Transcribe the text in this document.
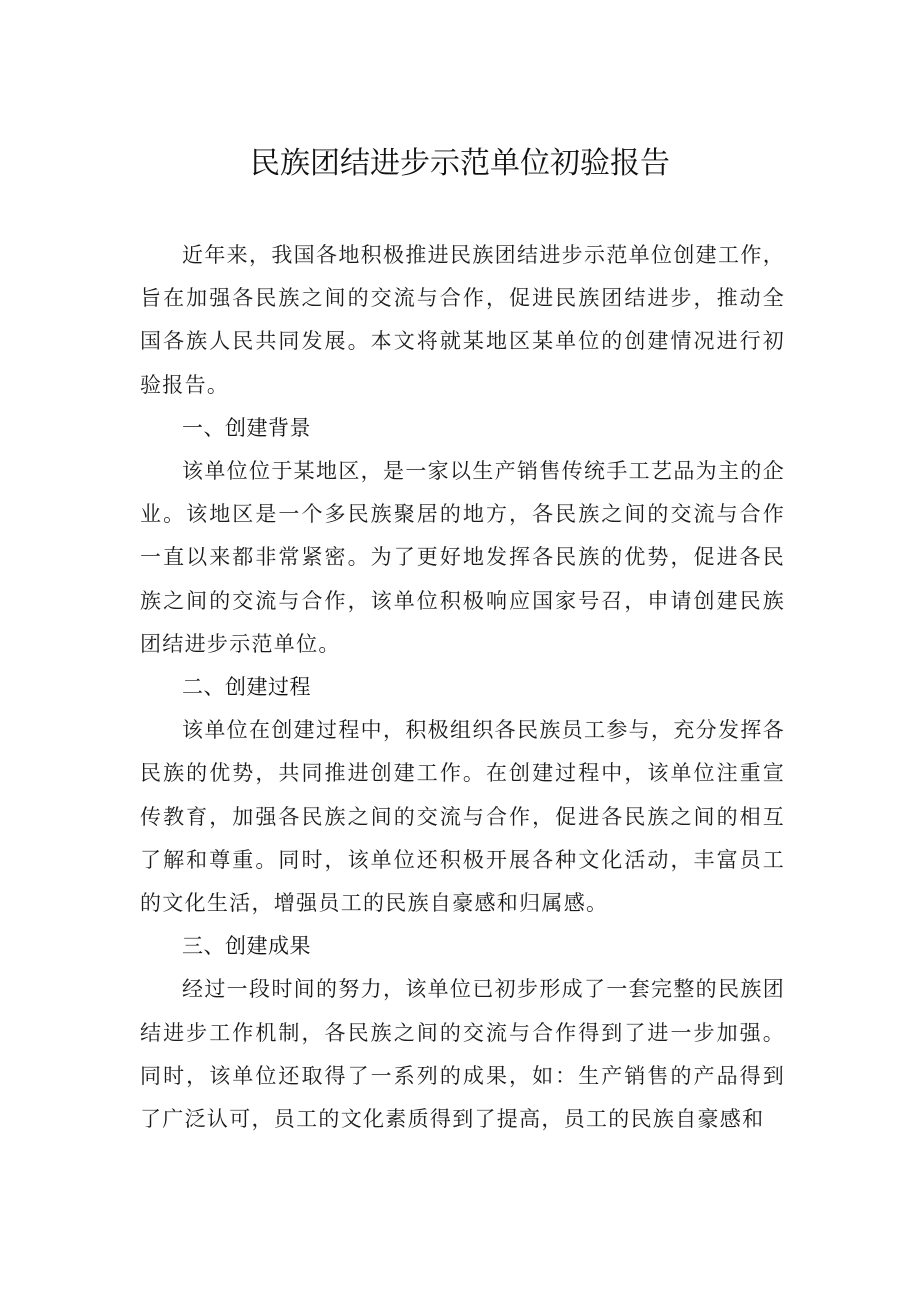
民族团结进步示范单位初验报告

近年来，我国各地积极推进民族团结进步示范单位创建工作，旨在加强各民族之间的交流与合作，促进民族团结进步，推动全国各族人民共同发展。本文将就某地区某单位的创建情况进行初验报告。

一、创建背景

该单位位于某地区，是一家以生产销售传统手工艺品为主的企业。该地区是一个多民族聚居的地方，各民族之间的交流与合作一直以来都非常紧密。为了更好地发挥各民族的优势，促进各民族之间的交流与合作，该单位积极响应国家号召，申请创建民族团结进步示范单位。

二、创建过程

该单位在创建过程中，积极组织各民族员工参与，充分发挥各民族的优势，共同推进创建工作。在创建过程中，该单位注重宣传教育，加强各民族之间的交流与合作，促进各民族之间的相互了解和尊重。同时，该单位还积极开展各种文化活动，丰富员工的文化生活，增强员工的民族自豪感和归属感。

三、创建成果

经过一段时间的努力，该单位已初步形成了一套完整的民族团结进步工作机制，各民族之间的交流与合作得到了进一步加强。同时，该单位还取得了一系列的成果，如：生产销售的产品得到了广泛认可，员工的文化素质得到了提高，员工的民族自豪感和
